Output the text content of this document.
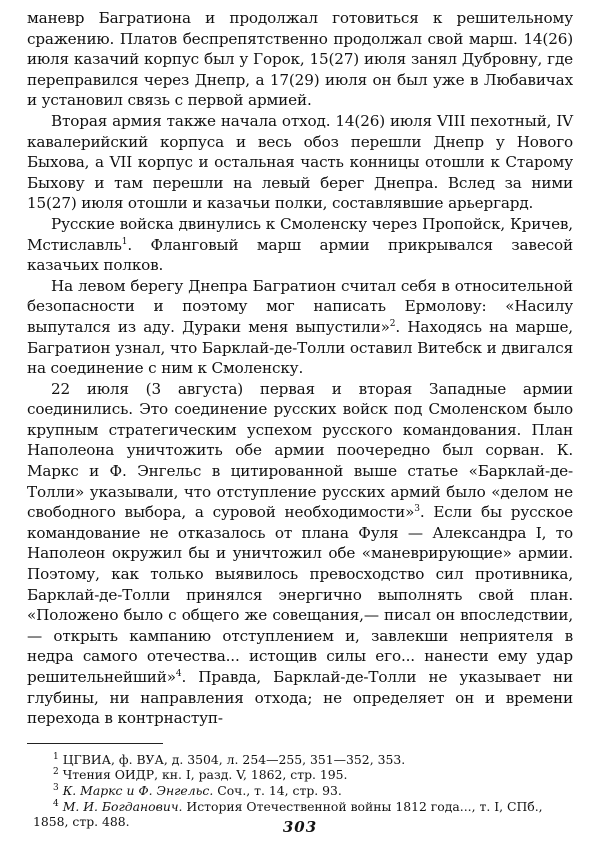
маневр Багратиона и продолжал готовиться к решительному сражению. Платов беспрепятственно продолжал свой марш. 14(26) июля казачий корпус был у Горок, 15(27) июля занял Дубровну, где переправился через Днепр, а 17(29) июля он был уже в Любавичах и установил связь с первой армией.

Вторая армия также начала отход. 14(26) июля VIII пехотный, IV кавалерийский корпуса и весь обоз перешли Днепр у Нового Быхова, а VII корпус и остальная часть конницы отошли к Старому Быхову и там перешли на левый берег Днепра. Вслед за ними 15(27) июля отошли и казачьи полки, составлявшие арьергард.

Русские войска двинулись к Смоленску через Пропойск, Кричев, Мстиславль$^1$. Фланговый марш армии прикрывался завесой казачьих полков.

На левом берегу Днепра Багратион считал себя в относительной безопасности и поэтому мог написать Ермолову: «Насилу выпутался из аду. Дураки меня выпустили»$^2$. Находясь на марше, Багратион узнал, что Барклай-де-Толли оставил Витебск и двигался на соединение с ним к Смоленску.

22 июля (3 августа) первая и вторая Западные армии соединились. Это соединение русских войск под Смоленском было крупным стратегическим успехом русского командования. План Наполеона уничтожить обе армии поочередно был сорван. К. Маркс и Ф. Энгельс в цитированной выше статье «Барклай-де-Толли» указывали, что отступление русских армий было «делом не свободного выбора, а суровой необходимости»$^3$. Если бы русское командование не отказалось от плана Фуля — Александра I, то Наполеон окружил бы и уничтожил обе «маневрирующие» армии. Поэтому, как только выявилось превосходство сил противника, Барклай-де-Толли принялся энергично выполнять свой план. «Положено было с общего же совещания,— писал он впоследствии,— открыть кампанию отступлением и, завлекши неприятеля в недра самого отечества... истощив силы его... нанести ему удар решительнейший»$^4$. Правда, Барклай-де-Толли не указывает ни глубины, ни направления отхода; не определяет он и времени перехода в контрнаступ-

$^1$ ЦГВИА, ф. ВУА, д. 3504, л. 254—255, 351—352, 353.

$^2$ Чтения ОИДР, кн. I, разд. V, 1862, стр. 195.

$^3$ К. Маркс и Ф. Энгельс. Соч., т. 14, стр. 93.

$^4$ М. И. Богданович. История Отечественной войны 1812 года..., т. I, СПб., 1858, стр. 488.	303
